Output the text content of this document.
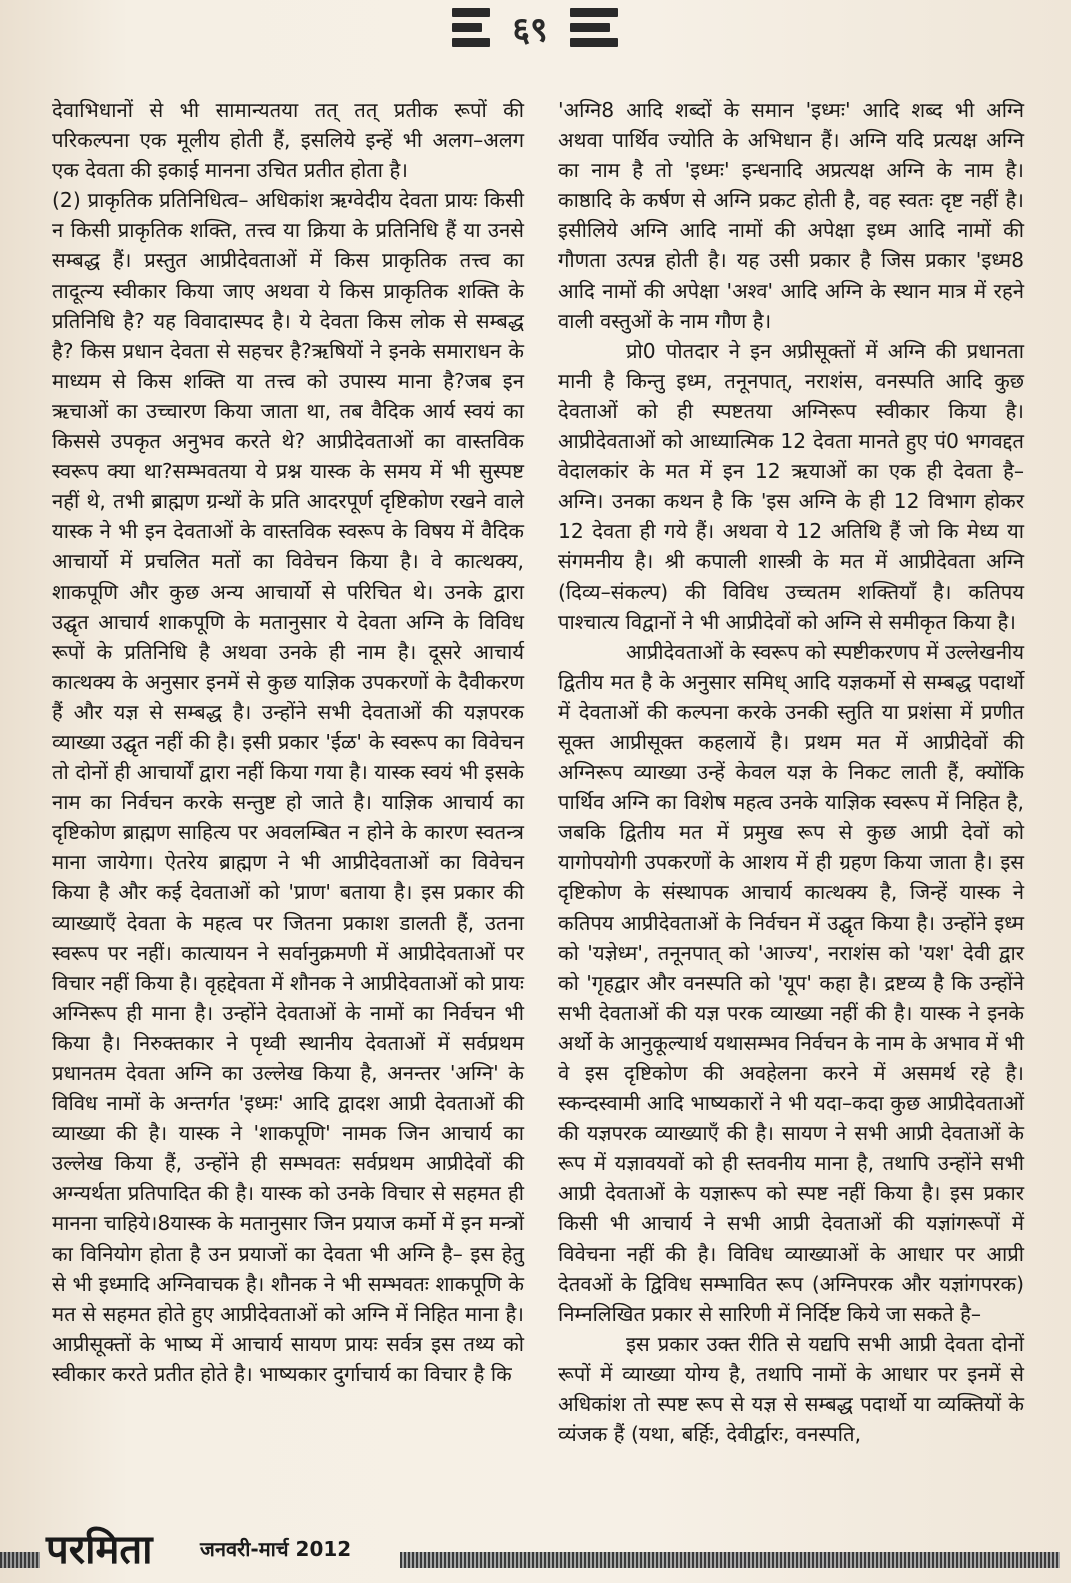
६९

देवाभिधानों से भी सामान्यतया तत् तत् प्रतीक रूपों की परिकल्पना एक मूलीय होती हैं, इसलिये इन्हें भी अलग–अलग एक देवता की इकाई मानना उचित प्रतीत होता है।

(2) प्राकृतिक प्रतिनिधित्व– अधिकांश ऋग्वेदीय देवता प्रायः किसी न किसी प्राकृतिक शक्ति, तत्त्व या क्रिया के प्रतिनिधि हैं या उनसे सम्बद्ध हैं। प्रस्तुत आप्रीदेवताओं में किस प्राकृतिक तत्त्व का तादूत्न्य स्वीकार किया जाए अथवा ये किस प्राकृतिक शक्ति के प्रतिनिधि है? यह विवादास्पद है। ये देवता किस लोक से सम्बद्ध है? किस प्रधान देवता से सहचर है?ऋषियों ने इनके समाराधन के माध्यम से किस शक्ति या तत्त्व को उपास्य माना है?जब इन ऋचाओं का उच्चारण किया जाता था, तब वैदिक आर्य स्वयं का किससे उपकृत अनुभव करते थे? आप्रीदेवताओं का वास्तविक स्वरूप क्या था?सम्भवतया ये प्रश्न यास्क के समय में भी सुस्पष्ट नहीं थे, तभी ब्राह्मण ग्रन्थों के प्रति आदरपूर्ण दृष्टिकोण रखने वाले यास्क ने भी इन देवताओं के वास्तविक स्वरूप के विषय में वैदिक आचार्यो में प्रचलित मतों का विवेचन किया है। वे कात्थक्य, शाकपूणि और कुछ अन्य आचार्यो से परिचित थे। उनके द्वारा उद्घृत आचार्य शाकपूणि के मतानुसार ये देवता अग्नि के विविध रूपों के प्रतिनिधि है अथवा उनके ही नाम है। दूसरे आचार्य कात्थक्य के अनुसार इनमें से कुछ याज्ञिक उपकरणों के दैवीकरण हैं और यज्ञ से सम्बद्ध है। उन्होंने सभी देवताओं की यज्ञपरक व्याख्या उद्घृत नहीं की है। इसी प्रकार 'ईळ' के स्वरूप का विवेचन तो दोनों ही आचार्यों द्वारा नहीं किया गया है। यास्क स्वयं भी इसके नाम का निर्वचन करके सन्तुष्ट हो जाते है। याज्ञिक आचार्य का दृष्टिकोण ब्राह्मण साहित्य पर अवलम्बित न होने के कारण स्वतन्त्र माना जायेगा। ऐतरेय ब्राह्मण ने भी आप्रीदेवताओं का विवेचन किया है और कई देवताओं को 'प्राण' बताया है। इस प्रकार की व्याख्याएँ देवता के महत्व पर जितना प्रकाश डालती हैं, उतना स्वरूप पर नहीं। कात्यायन ने सर्वानुक्रमणी में आप्रीदेवताओं पर विचार नहीं किया है। वृहद्देवता में शौनक ने आप्रीदेवताओं को प्रायः अग्निरूप ही माना है। उन्होंने देवताओं के नामों का निर्वचन भी किया है। निरुक्तकार ने पृथ्वी स्थानीय देवताओं में सर्वप्रथम प्रधानतम देवता अग्नि का उल्लेख किया है, अनन्तर 'अग्नि' के विविध नामों के अन्तर्गत 'इध्मः' आदि द्वादश आप्री देवताओं की व्याख्या की है। यास्क ने 'शाकपूणि' नामक जिन आचार्य का उल्लेख किया हैं, उन्होंने ही सम्भवतः सर्वप्रथम आप्रीदेवों की अग्न्यर्थता प्रतिपादित की है। यास्क को उनके विचार से सहमत ही मानना चाहिये।8यास्क के मतानुसार जिन प्रयाज कर्मो में इन मन्त्रों का विनियोग होता है उन प्रयाजों का देवता भी अग्नि है– इस हेतु से भी इध्मादि अग्निवाचक है। शौनक ने भी सम्भवतः शाकपूणि के मत से सहमत होते हुए आप्रीदेवताओं को अग्नि में निहित माना है। आप्रीसूक्तों के भाष्य में आचार्य सायण प्रायः सर्वत्र इस तथ्य को स्वीकार करते प्रतीत होते है। भाष्यकार दुर्गाचार्य का विचार है कि

'अग्नि8 आदि शब्दों के समान 'इध्मः' आदि शब्द भी अग्नि अथवा पार्थिव ज्योति के अभिधान हैं। अग्नि यदि प्रत्यक्ष अग्नि का नाम है तो 'इध्मः' इन्धनादि अप्रत्यक्ष अग्नि के नाम है। काष्ठादि के कर्षण से अग्नि प्रकट होती है, वह स्वतः दृष्ट नहीं है। इसीलिये अग्नि आदि नामों की अपेक्षा इध्म आदि नामों की गौणता उत्पन्न होती है। यह उसी प्रकार है जिस प्रकार 'इध्म8 आदि नामों की अपेक्षा 'अश्व' आदि अग्नि के स्थान मात्र में रहने वाली वस्तुओं के नाम गौण है।

प्रो0 पोतदार ने इन अप्रीसूक्तों में अग्नि की प्रधानता मानी है किन्तु इध्म, तनूनपात्, नराशंस, वनस्पति आदि कुछ देवताओं को ही स्पष्टतया अग्निरूप स्वीकार किया है। आप्रीदेवताओं को आध्यात्मिक 12 देवता मानते हुए पं0 भगवद्दत वेदालकांर के मत में इन 12 ऋयाओं का एक ही देवता है– अग्नि। उनका कथन है कि 'इस अग्नि के ही 12 विभाग होकर 12 देवता ही गये हैं। अथवा ये 12 अतिथि हैं जो कि मेध्य या संगमनीय है। श्री कपाली शास्त्री के मत में आप्रीदेवता अग्नि (दिव्य–संकल्प) की विविध उच्चतम शक्तियाँ है। कतिपय पाश्चात्य विद्वानों ने भी आप्रीदेवों को अग्नि से समीकृत किया है।

आप्रीदेवताओं के स्वरूप को स्पष्टीकरणप में उल्लेखनीय द्वितीय मत है के अनुसार समिध् आदि यज्ञकर्मो से सम्बद्ध पदार्थो में देवताओं की कल्पना करके उनकी स्तुति या प्रशंसा में प्रणीत सूक्त आप्रीसूक्त कहलायें है। प्रथम मत में आप्रीदेवों की अग्निरूप व्याख्या उन्हें केवल यज्ञ के निकट लाती हैं, क्योंकि पार्थिव अग्नि का विशेष महत्व उनके याज्ञिक स्वरूप में निहित है, जबकि द्वितीय मत में प्रमुख रूप से कुछ आप्री देवों को यागोपयोगी उपकरणों के आशय में ही ग्रहण किया जाता है। इस दृष्टिकोण के संस्थापक आचार्य कात्थक्य है, जिन्हें यास्क ने कतिपय आप्रीदेवताओं के निर्वचन में उद्घृत किया है। उन्होंने इध्म को 'यज्ञेध्म', तनूनपात् को 'आज्य', नराशंस को 'यश' देवी द्वार को 'गृहद्वार और वनस्पति को 'यूप' कहा है। द्रष्टव्य है कि उन्होंने सभी देवताओं की यज्ञ परक व्याख्या नहीं की है। यास्क ने इनके अर्थो के आनुकूल्यार्थ यथासम्भव निर्वचन के नाम के अभाव में भी वे इस दृष्टिकोण की अवहेलना करने में असमर्थ रहे है। स्कन्दस्वामी आदि भाष्यकारों ने भी यदा–कदा कुछ आप्रीदेवताओं की यज्ञपरक व्याख्याएँ की है। सायण ने सभी आप्री देवताओं के रूप में यज्ञावयवों को ही स्तवनीय माना है, तथापि उन्होंने सभी आप्री देवताओं के यज्ञारूप को स्पष्ट नहीं किया है। इस प्रकार किसी भी आचार्य ने सभी आप्री देवताओं की यज्ञांगरूपों में विवेचना नहीं की है। विविध व्याख्याओं के आधार पर आप्री देतवओं के द्विविध सम्भावित रूप (अग्निपरक और यज्ञांगपरक) निम्नलिखित प्रकार से सारिणी में निर्दिष्ट किये जा सकते है–

इस प्रकार उक्त रीति से यद्यपि सभी आप्री देवता दोनों रूपों में व्याख्या योग्य है, तथापि नामों के आधार पर इनमें से अधिकांश तो स्पष्ट रूप से यज्ञ से सम्बद्ध पदार्थो या व्यक्तियों के व्यंजक हैं (यथा, बर्हिः, देवीर्द्वारः, वनस्पति,

परमिता जनवरी-मार्च 2012
